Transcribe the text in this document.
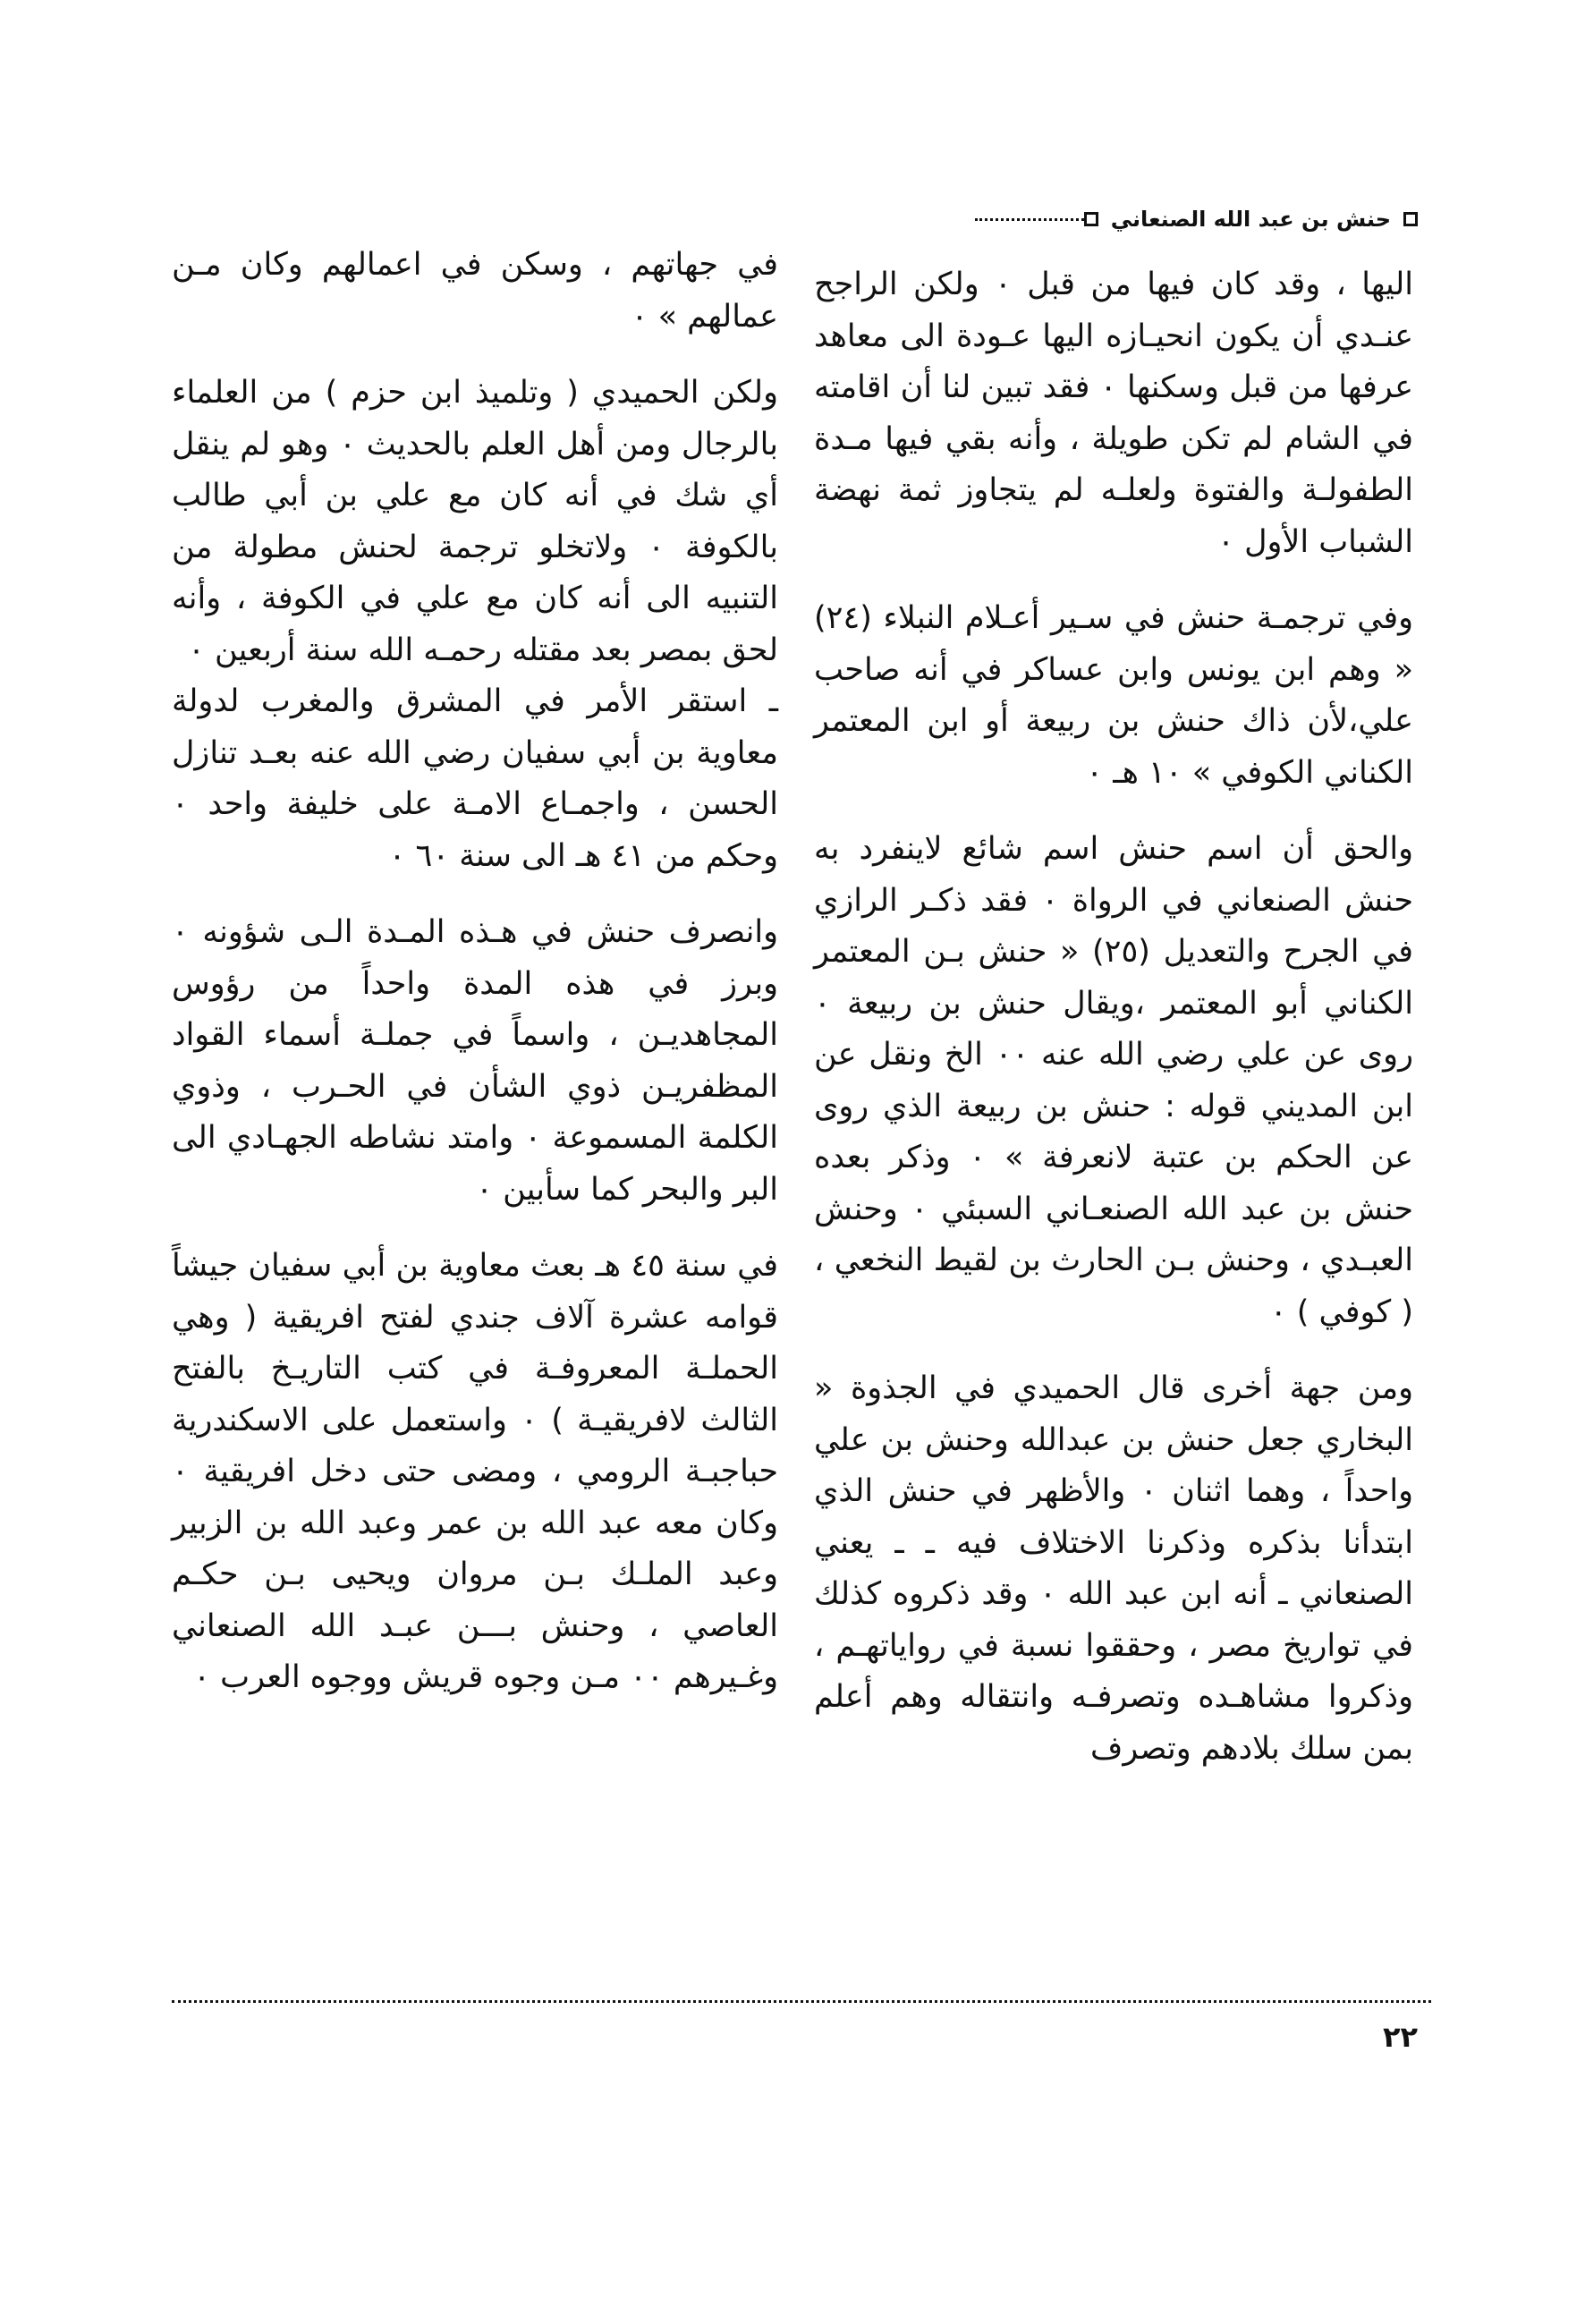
حنش بن عبد الله الصنعاني

اليها ، وقد كان فيها من قبل ٠ ولكن الراجح عنـدي أن يكون انحيـازه اليها عـودة الى معاهد عرفها من قبل وسكنها ٠ فقد تبين لنا أن اقامته في الشام لم تكن طويلة ، وأنه بقي فيها مـدة الطفولـة والفتوة ولعلـه لم يتجاوز ثمة نهضة الشباب الأول ٠

وفي ترجمـة حنش في سـير أعـلام النبلاء (٢٤) « وهم ابن يونس وابن عساكر في أنه صاحب علي،لأن ذاك حنش بن ربيعة أو ابن المعتمر الكناني الكوفي » ١٠ هـ ٠

والحق أن اسم حنش اسم شائع لاينفرد به حنش الصنعاني في الرواة ٠ فقد ذكـر الرازي في الجرح والتعديل (٢٥) « حنش بـن المعتمر الكناني أبو المعتمر ،ويقال حنش بن ربيعة ٠ روى عن علي رضي الله عنه ٠٠ الخ ونقل عن ابن المديني قوله : حنش بن ربيعة الذي روى عن الحكم بن عتبة لانعرفة » ٠ وذكر بعده حنش بن عبد الله الصنعـاني السبئي ٠ وحنش العبـدي ، وحنش بـن الحارث بن لقيط النخعي ، ( كوفي ) ٠

ومن جهة أخرى قال الحميدي في الجذوة « البخاري جعل حنش بن عبدالله وحنش بن علي واحداً ، وهما اثنان ٠ والأظهر في حنش الذي ابتدأنا بذكره وذكرنا الاختلاف فيه ـ ـ يعني الصنعاني ـ أنه ابن عبد الله ٠ وقد ذكروه كذلك في تواريخ مصر ، وحققوا نسبة في رواياتهـم ، وذكروا مشاهـده وتصرفـه وانتقاله وهم أعلم بمن سلك بلادهم وتصرف

في جهاتهم ، وسكن في اعمالهم وكان مـن عمالهم » ٠

ولكن الحميدي ( وتلميذ ابن حزم ) من العلماء بالرجال ومن أهل العلم بالحديث ٠ وهو لم ينقل أي شك في أنه كان مع علي بن أبي طالب بالكوفة ٠ ولاتخلو ترجمة لحنش مطولة من التنبيه الى أنه كان مع علي في الكوفة ، وأنه لحق بمصر بعد مقتله رحمـه الله سنة أربعين ٠

ـ استقر الأمر في المشرق والمغرب لدولة معاوية بن أبي سفيان رضي الله عنه بعـد تنازل الحسن ، واجمـاع الامـة على خليفة واحد ٠ وحكم من ٤١ هـ الى سنة ٦٠ ٠

وانصرف حنش في هـذه المـدة الـى شؤونه ٠ وبرز في هذه المدة واحداً من رؤوس المجاهديـن ، واسماً في جملـة أسماء القواد المظفريـن ذوي الشأن في الحـرب ، وذوي الكلمة المسموعة ٠ وامتد نشاطه الجهـادي الى البر والبحر كما سأبين ٠

في سنة ٤٥ هـ بعث معاوية بن أبي سفيان جيشاً قوامه عشرة آلاف جندي لفتح افريقية ( وهي الحملـة المعروفـة في كتب التاريـخ بالفتح الثالث لافريقيـة ) ٠ واستعمل على الاسكندرية حباجبـة الرومي ، ومضى حتى دخل افريقية ٠ وكان معه عبد الله بن عمر وعبد الله بن الزبير وعبد الملـك بـن مروان ويحيى بـن حكـم العاصي ، وحنش بـــن عبـد الله الصنعاني وغـيرهم ٠٠ مـن وجوه قريش ووجوه العرب ٠

٢٢
